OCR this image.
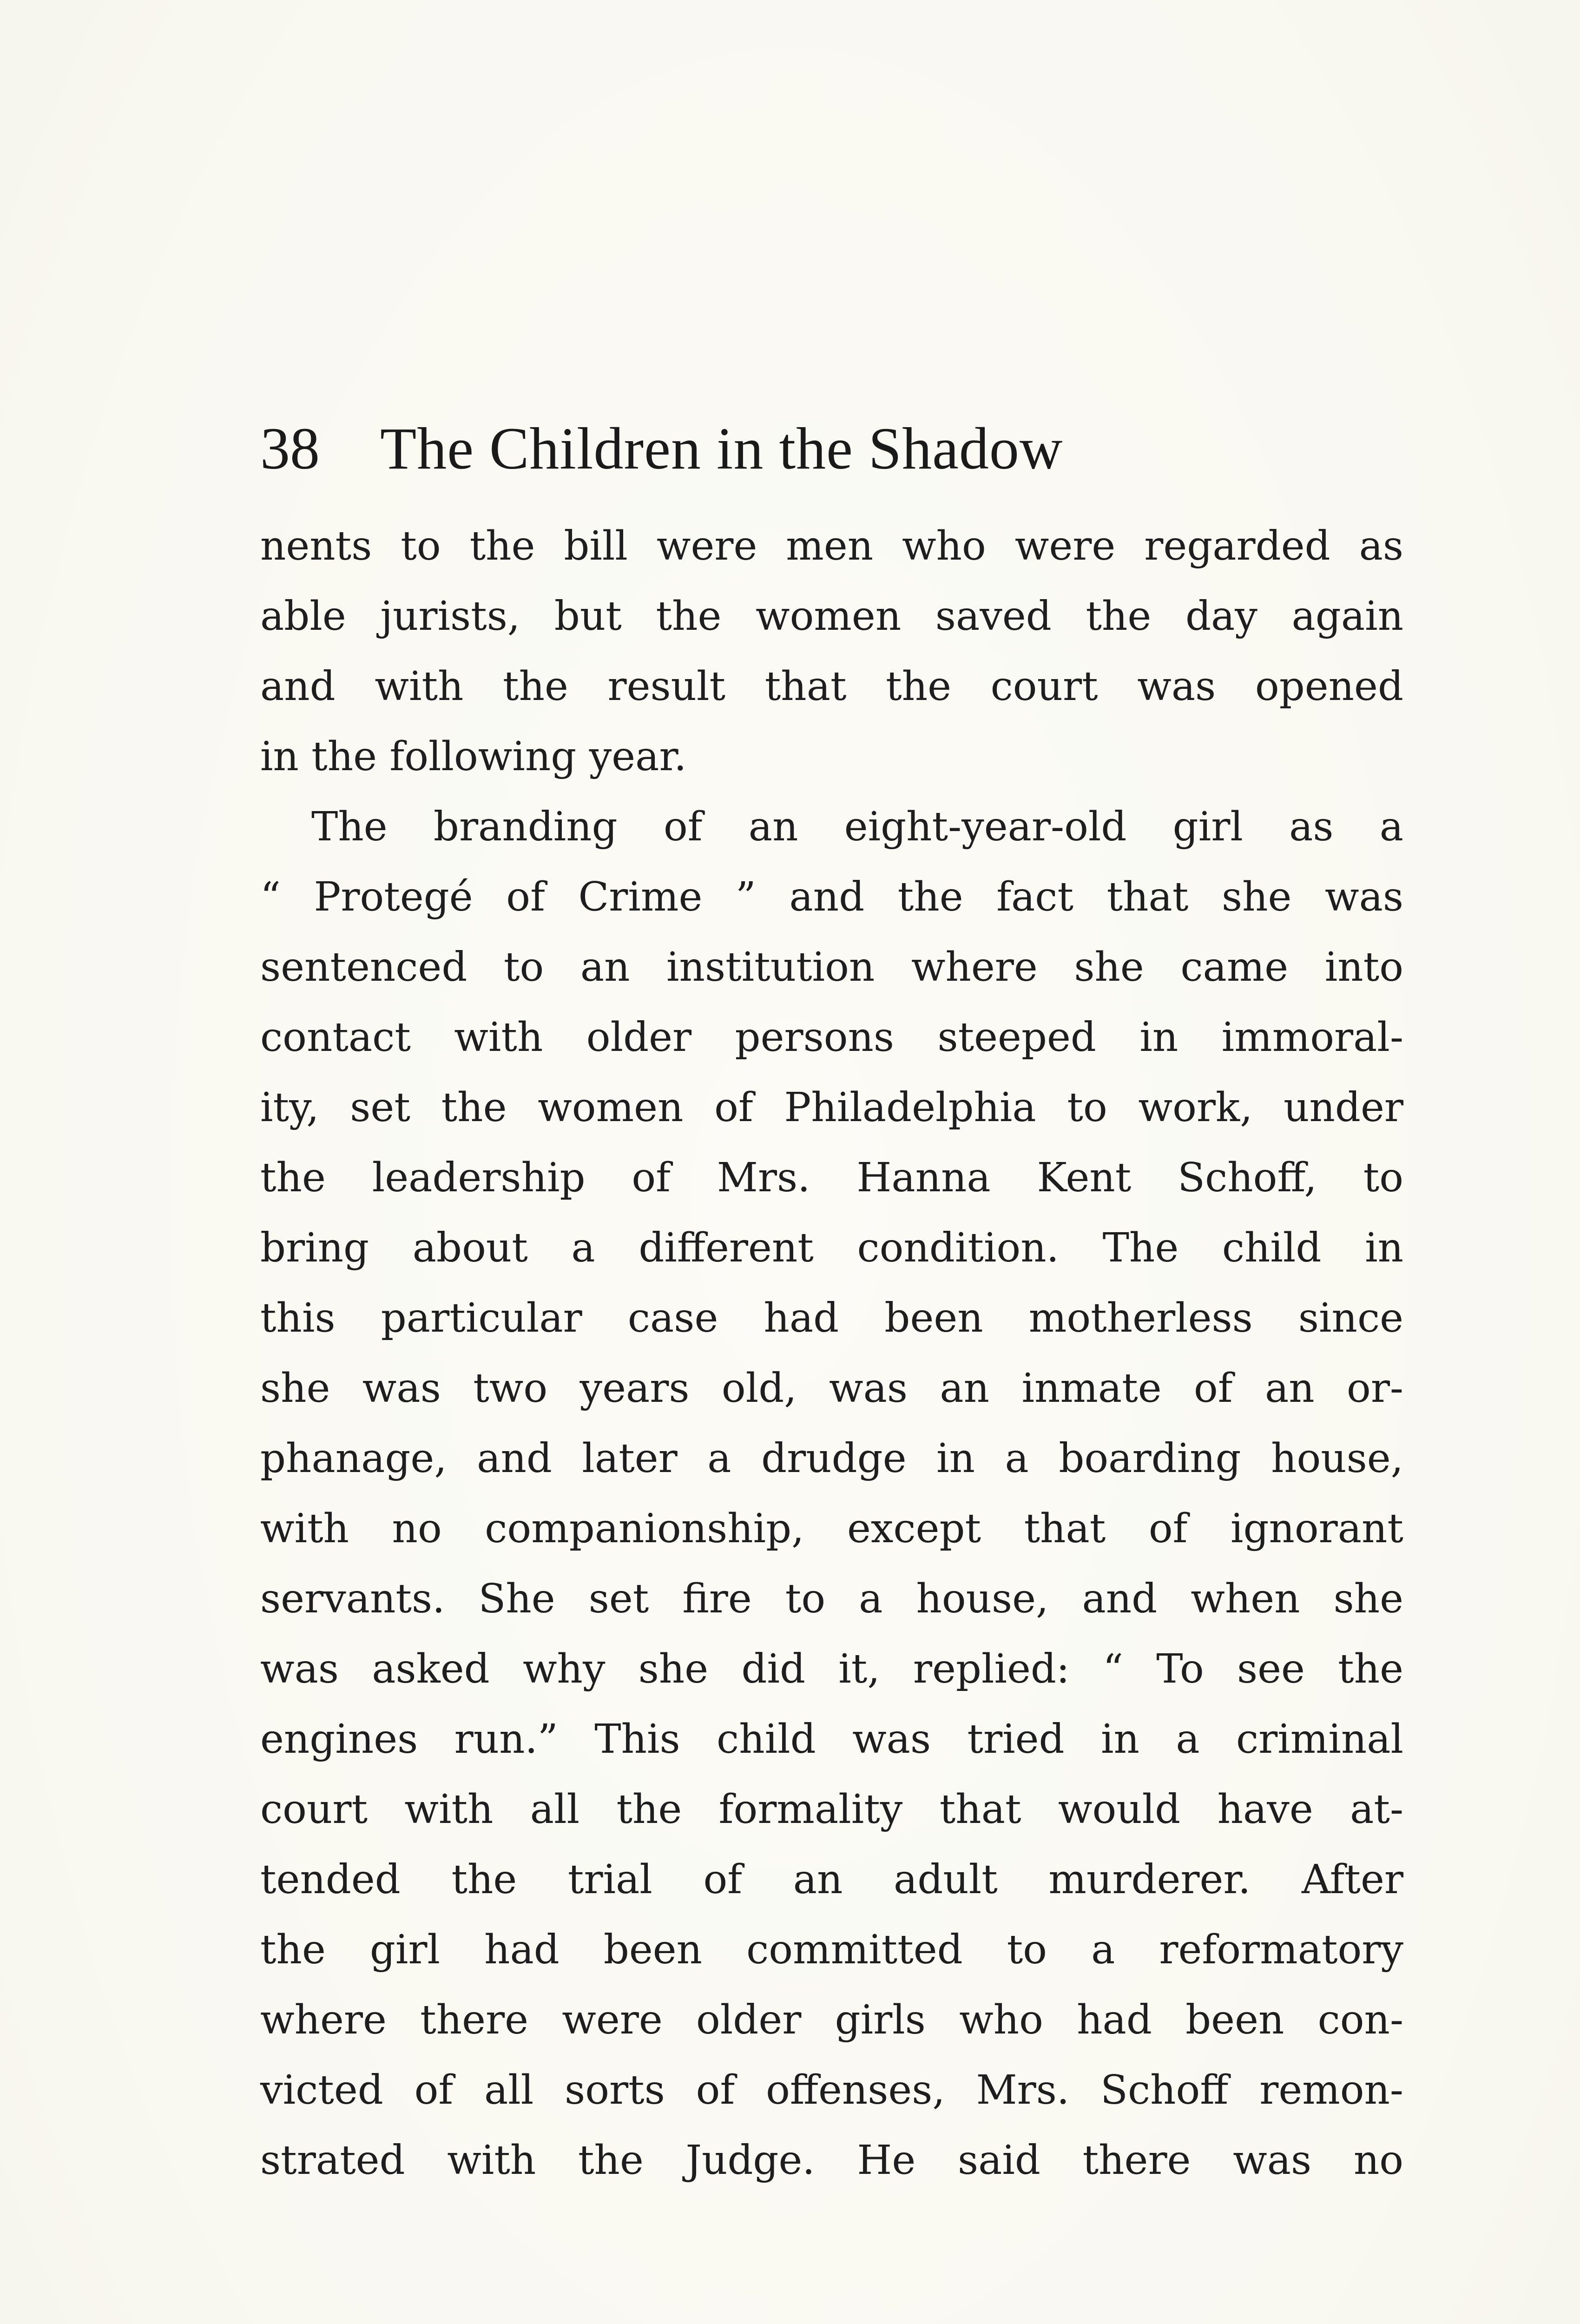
38 The Children in the Shadow
nents to the bill were men who were regarded as
able jurists, but the women saved the day again
and with the result that the court was opened
in the following year.
The branding of an eight-year-old girl as a
“ Protegé of Crime ” and the fact that she was
sentenced to an institution where she came into
contact with older persons steeped in immoral-
ity, set the women of Philadelphia to work, under
the leadership of Mrs. Hanna Kent Schoff, to
bring about a different condition. The child in
this particular case had been motherless since
she was two years old, was an inmate of an or-
phanage, and later a drudge in a boarding house,
with no companionship, except that of ignorant
servants. She set fire to a house, and when she
was asked why she did it, replied: “ To see the
engines run.” This child was tried in a criminal
court with all the formality that would have at-
tended the trial of an adult murderer. After
the girl had been committed to a reformatory
where there were older girls who had been con-
victed of all sorts of offenses, Mrs. Schoff remon-
strated with the Judge. He said there was no
